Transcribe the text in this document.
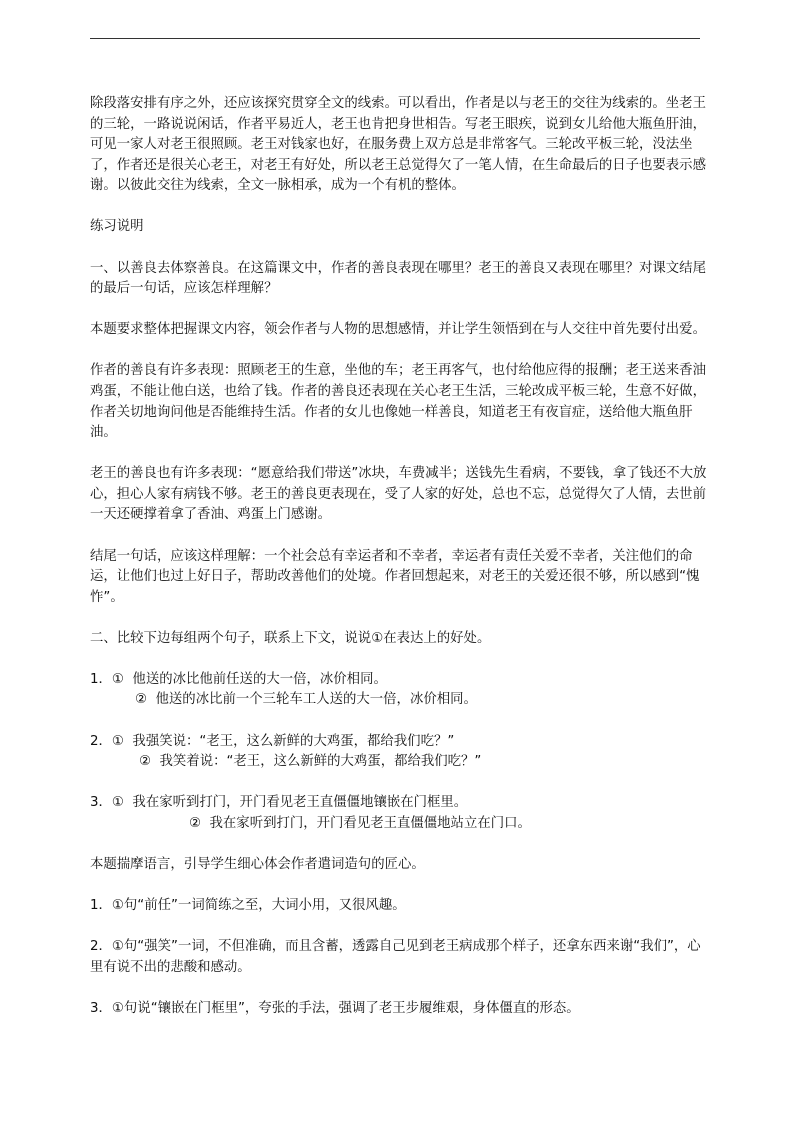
除段落安排有序之外，还应该探究贯穿全文的线索。可以看出，作者是以与老王的交往为线索的。坐老王的三轮，一路说说闲话，作者平易近人，老王也肯把身世相告。写老王眼疾，说到女儿给他大瓶鱼肝油，可见一家人对老王很照顾。老王对钱家也好，在服务费上双方总是非常客气。三轮改平板三轮，没法坐了，作者还是很关心老王，对老王有好处，所以老王总觉得欠了一笔人情，在生命最后的日子也要表示感谢。以彼此交往为线索，全文一脉相承，成为一个有机的整体。

练习说明

一、以善良去体察善良。在这篇课文中，作者的善良表现在哪里？老王的善良又表现在哪里？对课文结尾的最后一句话，应该怎样理解？

本题要求整体把握课文内容，领会作者与人物的思想感情，并让学生领悟到在与人交往中首先要付出爱。

作者的善良有许多表现：照顾老王的生意，坐他的车；老王再客气，也付给他应得的报酬；老王送来香油鸡蛋，不能让他白送，也给了钱。作者的善良还表现在关心老王生活，三轮改成平板三轮，生意不好做，作者关切地询问他是否能维持生活。作者的女儿也像她一样善良，知道老王有夜盲症，送给他大瓶鱼肝油。

老王的善良也有许多表现：“愿意给我们带送”冰块，车费减半；送钱先生看病，不要钱，拿了钱还不大放心，担心人家有病钱不够。老王的善良更表现在，受了人家的好处，总也不忘，总觉得欠了人情，去世前一天还硬撑着拿了香油、鸡蛋上门感谢。

结尾一句话，应该这样理解：一个社会总有幸运者和不幸者，幸运者有责任关爱不幸者，关注他们的命运，让他们也过上好日子，帮助改善他们的处境。作者回想起来，对老王的关爱还很不够，所以感到“愧怍”。

二、比较下边每组两个句子，联系上下文，说说①在表达上的好处。

1．①  他送的冰比他前任送的大一倍，冰价相同。

②  他送的冰比前一个三轮车工人送的大一倍，冰价相同。

2．①  我强笑说：“老王，这么新鲜的大鸡蛋，都给我们吃？”

②  我笑着说：“老王，这么新鲜的大鸡蛋，都给我们吃？”

3．①  我在家听到打门，开门看见老王直僵僵地镶嵌在门框里。

②  我在家听到打门，开门看见老王直僵僵地站立在门口。

本题揣摩语言，引导学生细心体会作者遣词造句的匠心。

1．①句“前任”一词简练之至，大词小用，又很风趣。

2．①句“强笑”一词，不但准确，而且含蓄，透露自己见到老王病成那个样子，还拿东西来谢“我们”，心里有说不出的悲酸和感动。

3．①句说“镶嵌在门框里”，夸张的手法，强调了老王步履维艰，身体僵直的形态。
